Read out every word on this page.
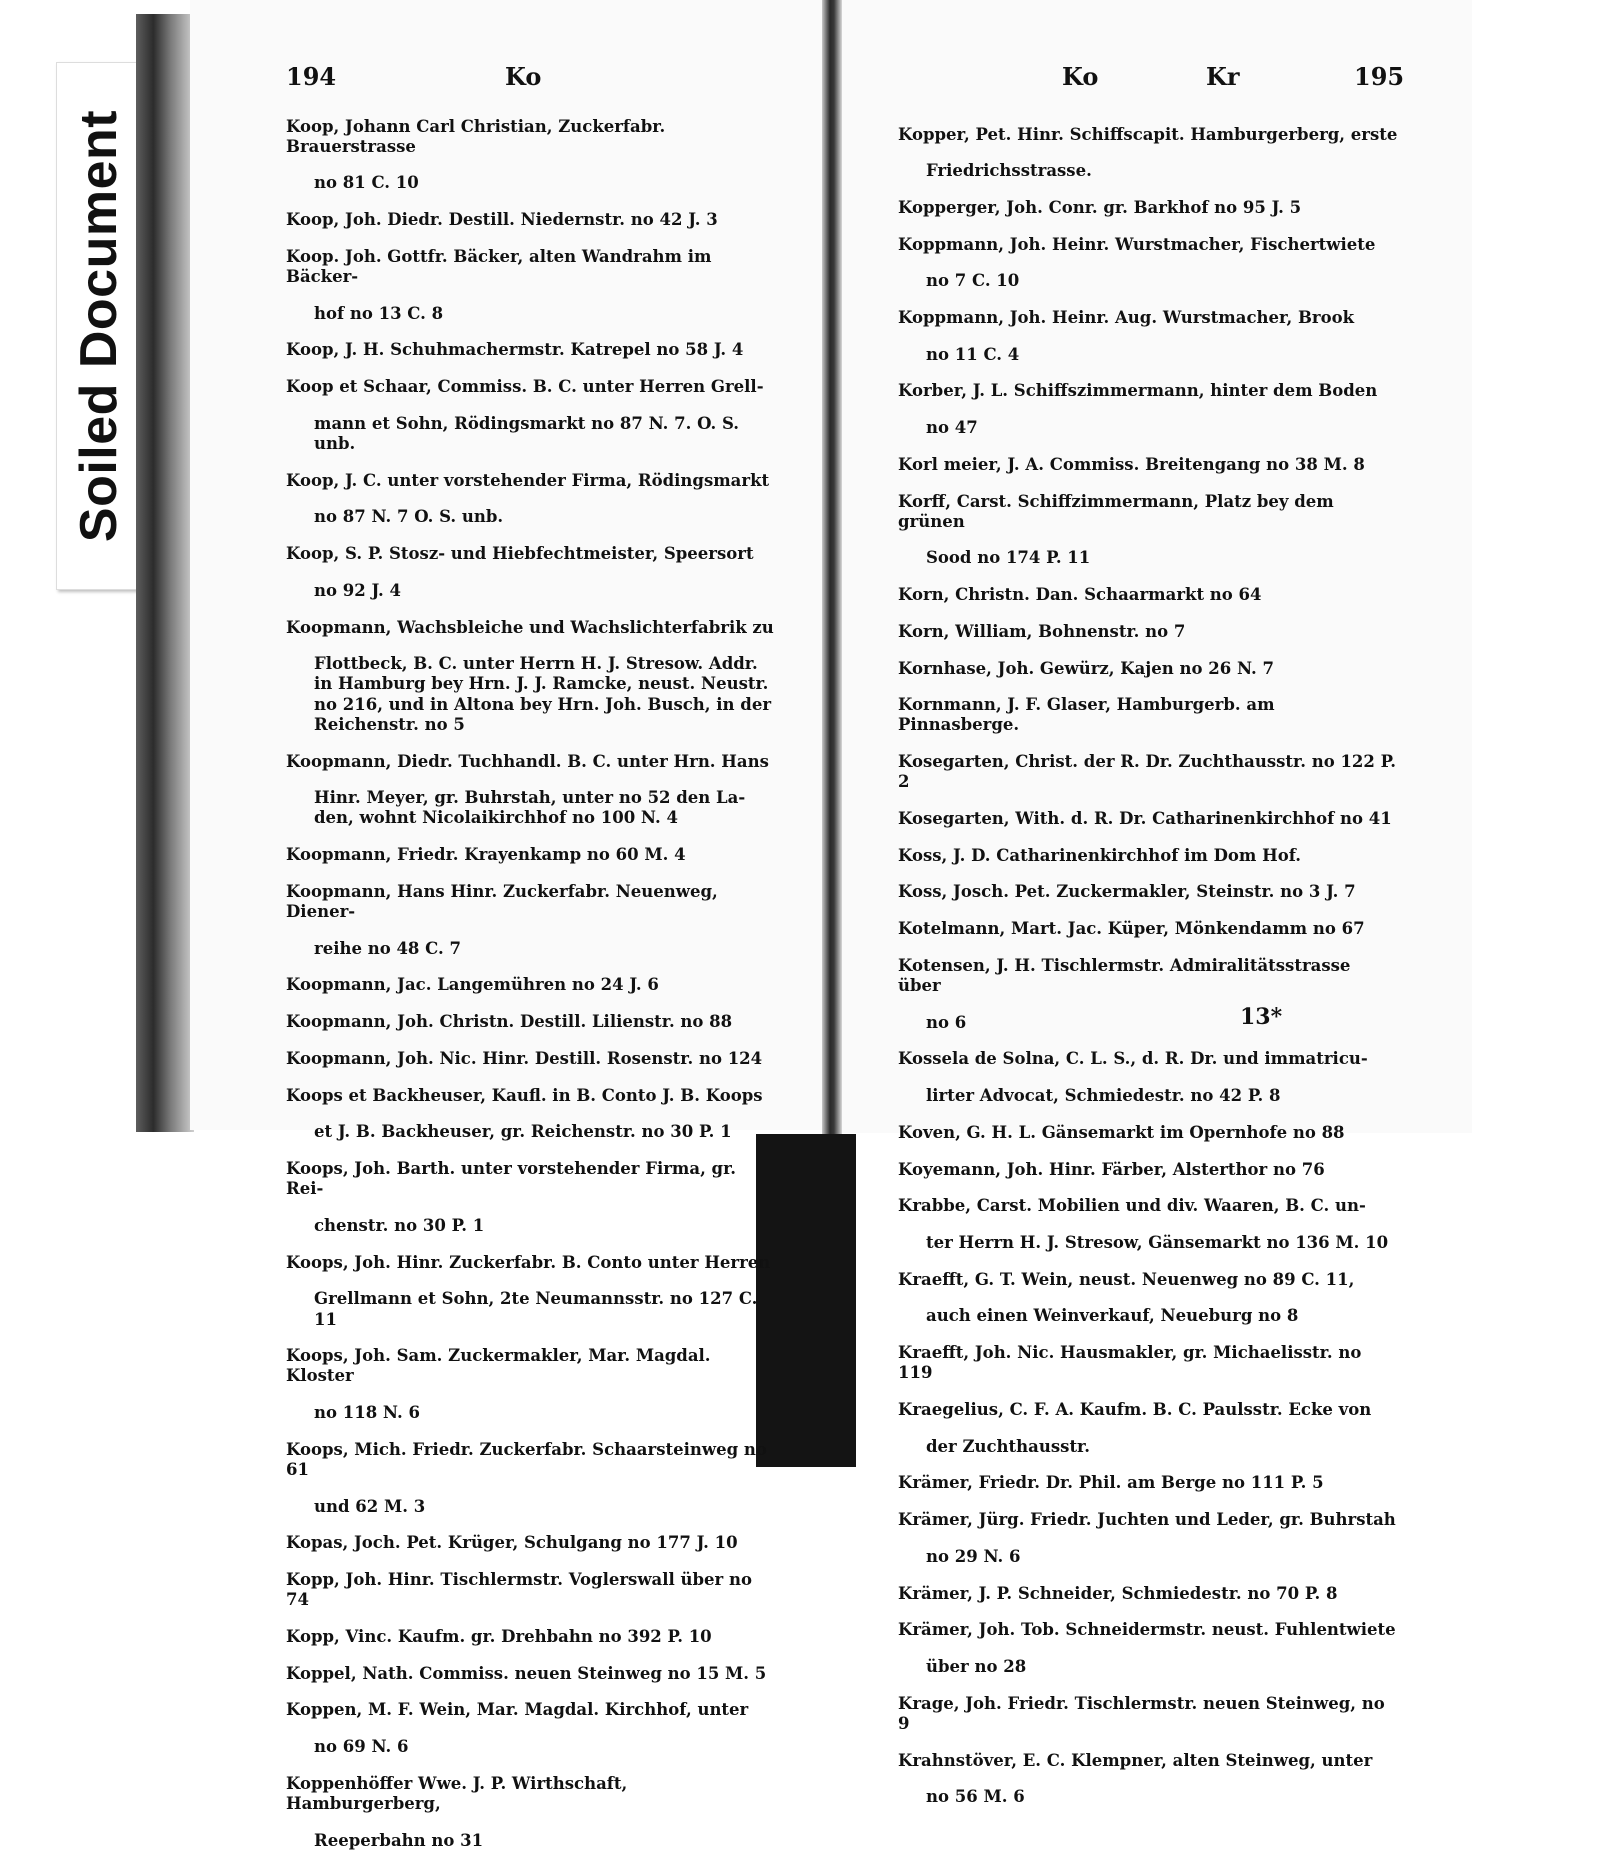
Soiled Document
194	Ko	Ko	Kr	195

Koop, Johann Carl Christian, Zuckerfabr. Brauerstrasse

no 81 C. 10

Koop, Joh. Diedr. Destill. Niedernstr. no 42 J. 3

Koop. Joh. Gottfr. Bäcker, alten Wandrahm im Bäcker-

hof no 13 C. 8

Koop, J. H. Schuhmachermstr. Katrepel no 58 J. 4

Koop et Schaar, Commiss. B. C. unter Herren Grell-

mann et Sohn, Rödingsmarkt no 87 N. 7. O. S. unb.

Koop, J. C. unter vorstehender Firma, Rödingsmarkt

no 87 N. 7 O. S. unb.

Koop, S. P. Stosz- und Hiebfechtmeister, Speersort

no 92 J. 4

Koopmann, Wachsbleiche und Wachslichterfabrik zu

Flottbeck, B. C. unter Herrn H. J. Stresow. Addr.

in Hamburg bey Hrn. J. J. Ramcke, neust. Neustr.

no 216, und in Altona bey Hrn. Joh. Busch, in der

Reichenstr. no 5

Koopmann, Diedr. Tuchhandl. B. C. unter Hrn. Hans

Hinr. Meyer, gr. Buhrstah, unter no 52 den La-

den, wohnt Nicolaikirchhof no 100 N. 4

Koopmann, Friedr. Krayenkamp no 60 M. 4

Koopmann, Hans Hinr. Zuckerfabr. Neuenweg, Diener-

reihe no 48 C. 7

Koopmann, Jac. Langemühren no 24 J. 6

Koopmann, Joh. Christn. Destill. Lilienstr. no 88

Koopmann, Joh. Nic. Hinr. Destill. Rosenstr. no 124

Koops et Backheuser, Kaufl. in B. Conto J. B. Koops

et J. B. Backheuser, gr. Reichenstr. no 30 P. 1

Koops, Joh. Barth. unter vorstehender Firma, gr. Rei-

chenstr. no 30 P. 1

Koops, Joh. Hinr. Zuckerfabr. B. Conto unter Herren

Grellmann et Sohn, 2te Neumannsstr. no 127 C. 11

Koops, Joh. Sam. Zuckermakler, Mar. Magdal. Kloster

no 118 N. 6

Koops, Mich. Friedr. Zuckerfabr. Schaarsteinweg no 61

und 62 M. 3

Kopas, Joch. Pet. Krüger, Schulgang no 177 J. 10

Kopp, Joh. Hinr. Tischlermstr. Voglerswall über no 74

Kopp, Vinc. Kaufm. gr. Drehbahn no 392 P. 10

Koppel, Nath. Commiss. neuen Steinweg no 15 M. 5

Koppen, M. F. Wein, Mar. Magdal. Kirchhof, unter

no 69 N. 6

Koppenhöffer Wwe. J. P. Wirthschaft, Hamburgerberg,

Reeperbahn no 31

Kopper, Pet. Hinr. Schiffscapit. Hamburgerberg, erste

Friedrichsstrasse.

Kopperger, Joh. Conr. gr. Barkhof no 95 J. 5

Koppmann, Joh. Heinr. Wurstmacher, Fischertwiete

no 7 C. 10

Koppmann, Joh. Heinr. Aug. Wurstmacher, Brook

no 11 C. 4

Korber, J. L. Schiffszimmermann, hinter dem Boden

no 47

Korl meier, J. A. Commiss. Breitengang no 38 M. 8

Korff, Carst. Schiffzimmermann, Platz bey dem grünen

Sood no 174 P. 11

Korn, Christn. Dan. Schaarmarkt no 64

Korn, William, Bohnenstr. no 7

Kornhase, Joh. Gewürz, Kajen no 26 N. 7

Kornmann, J. F. Glaser, Hamburgerb. am Pinnasberge.

Kosegarten, Christ. der R. Dr. Zuchthausstr. no 122 P. 2

Kosegarten, With. d. R. Dr. Catharinenkirchhof no 41

Koss, J. D. Catharinenkirchhof im Dom Hof.

Koss, Josch. Pet. Zuckermakler, Steinstr. no 3 J. 7

Kotelmann, Mart. Jac. Küper, Mönkendamm no 67

Kotensen, J. H. Tischlermstr. Admiralitätsstrasse über

no 6

Kossela de Solna, C. L. S., d. R. Dr. und immatricu-

lirter Advocat, Schmiedestr. no 42 P. 8

Koven, G. H. L. Gänsemarkt im Opernhofe no 88

Koyemann, Joh. Hinr. Färber, Alsterthor no 76

Krabbe, Carst. Mobilien und div. Waaren, B. C. un-

ter Herrn H. J. Stresow, Gänsemarkt no 136 M. 10

Kraefft, G. T. Wein, neust. Neuenweg no 89 C. 11,

auch einen Weinverkauf, Neueburg no 8

Kraefft, Joh. Nic. Hausmakler, gr. Michaelisstr. no 119

Kraegelius, C. F. A. Kaufm. B. C. Paulsstr. Ecke von

der Zuchthausstr.

Krämer, Friedr. Dr. Phil. am Berge no 111 P. 5

Krämer, Jürg. Friedr. Juchten und Leder, gr. Buhrstah

no 29 N. 6

Krämer, J. P. Schneider, Schmiedestr. no 70 P. 8

Krämer, Joh. Tob. Schneidermstr. neust. Fuhlentwiete

über no 28

Krage, Joh. Friedr. Tischlermstr. neuen Steinweg, no 9

Krahnstöver, E. C. Klempner, alten Steinweg, unter

no 56 M. 6

13*
